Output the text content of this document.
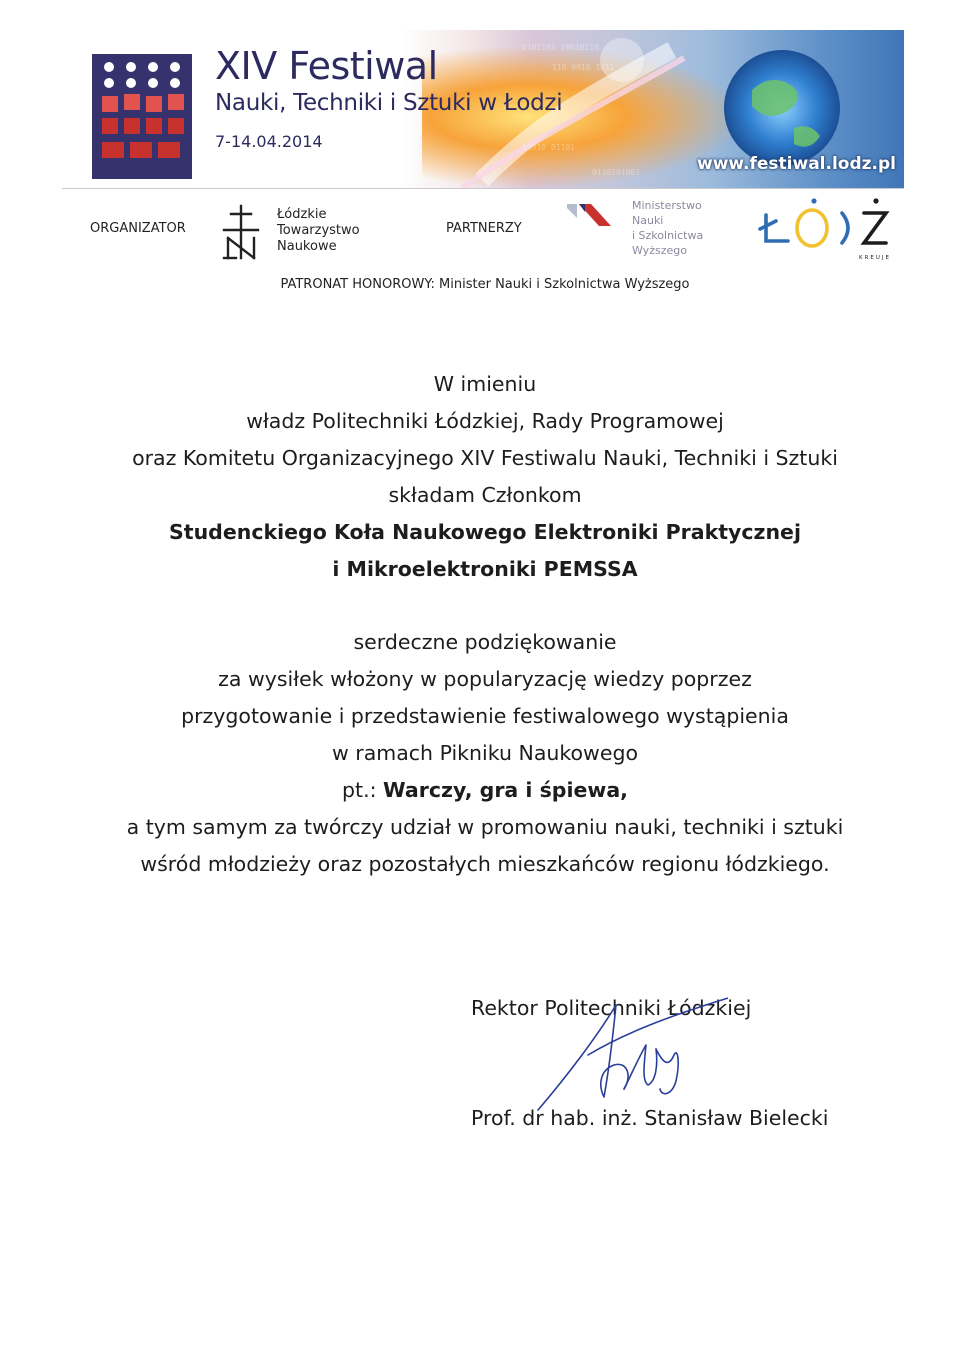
0101101 10010110
110 0010 1011
10010 01101
0110101001
XIV Festiwal
Nauki, Techniki i Sztuki w Łodzi
7-14.04.2014
www.festiwal.lodz.pl
ORGANIZATOR
Łódzkie
Towarzystwo
Naukowe
PARTNERZY
Ministerstwo
Nauki
i Szkolnictwa
Wyższego
KREUJE
PATRONAT HONOROWY: Minister Nauki i Szkolnictwa Wyższego
W imieniu
władz Politechniki Łódzkiej, Rady Programowej
oraz Komitetu Organizacyjnego XIV Festiwalu Nauki, Techniki i Sztuki
składam Członkom
Studenckiego Koła Naukowego Elektroniki Praktycznej
i Mikroelektroniki PEMSSA
serdeczne podziękowanie
za wysiłek włożony w popularyzację wiedzy poprzez
przygotowanie i przedstawienie festiwalowego wystąpienia
w ramach Pikniku Naukowego
pt.: Warczy, gra i śpiewa,
a tym samym za twórczy udział w promowaniu nauki, techniki i sztuki
wśród młodzieży oraz pozostałych mieszkańców regionu łódzkiego.
Rektor Politechniki Łódzkiej
Prof. dr hab. inż. Stanisław Bielecki
